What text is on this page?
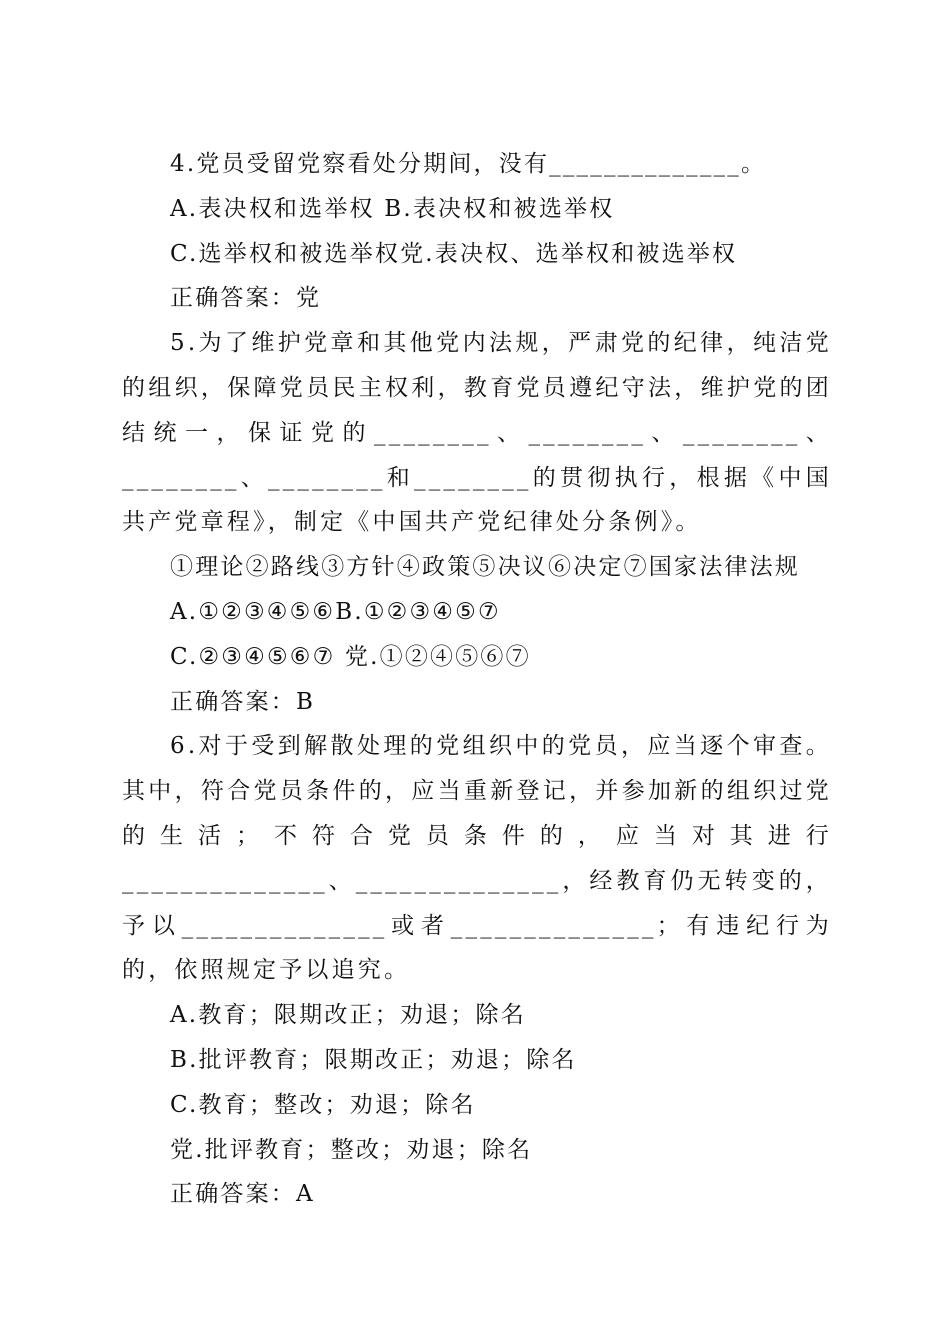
4.党员受留党察看处分期间，没有______________。
A.表决权和选举权 B.表决权和被选举权
C.选举权和被选举权党.表决权、选举权和被选举权
正确答案：党
5.为了维护党章和其他党内法规，严肃党的纪律，纯洁党的组织，保障党员民主权利，教育党员遵纪守法，维护党的团结统一，保证党的________、________、________、________、________和________的贯彻执行，根据《中国共产党章程》，制定《中国共产党纪律处分条例》。
①理论②路线③方针④政策⑤决议⑥决定⑦国家法律法规
A.①②③④⑤⑥B.①②③④⑤⑦
C.②③④⑤⑥⑦ 党.①②④⑤⑥⑦
正确答案：B
6.对于受到解散处理的党组织中的党员，应当逐个审查。其中，符合党员条件的，应当重新登记，并参加新的组织过党的生活；不符合党员条件的，应当对其进行______________、______________，经教育仍无转变的，予以______________或者______________；有违纪行为的，依照规定予以追究。
A.教育；限期改正；劝退；除名
B.批评教育；限期改正；劝退；除名
C.教育；整改；劝退；除名
党.批评教育；整改；劝退；除名
正确答案：A
